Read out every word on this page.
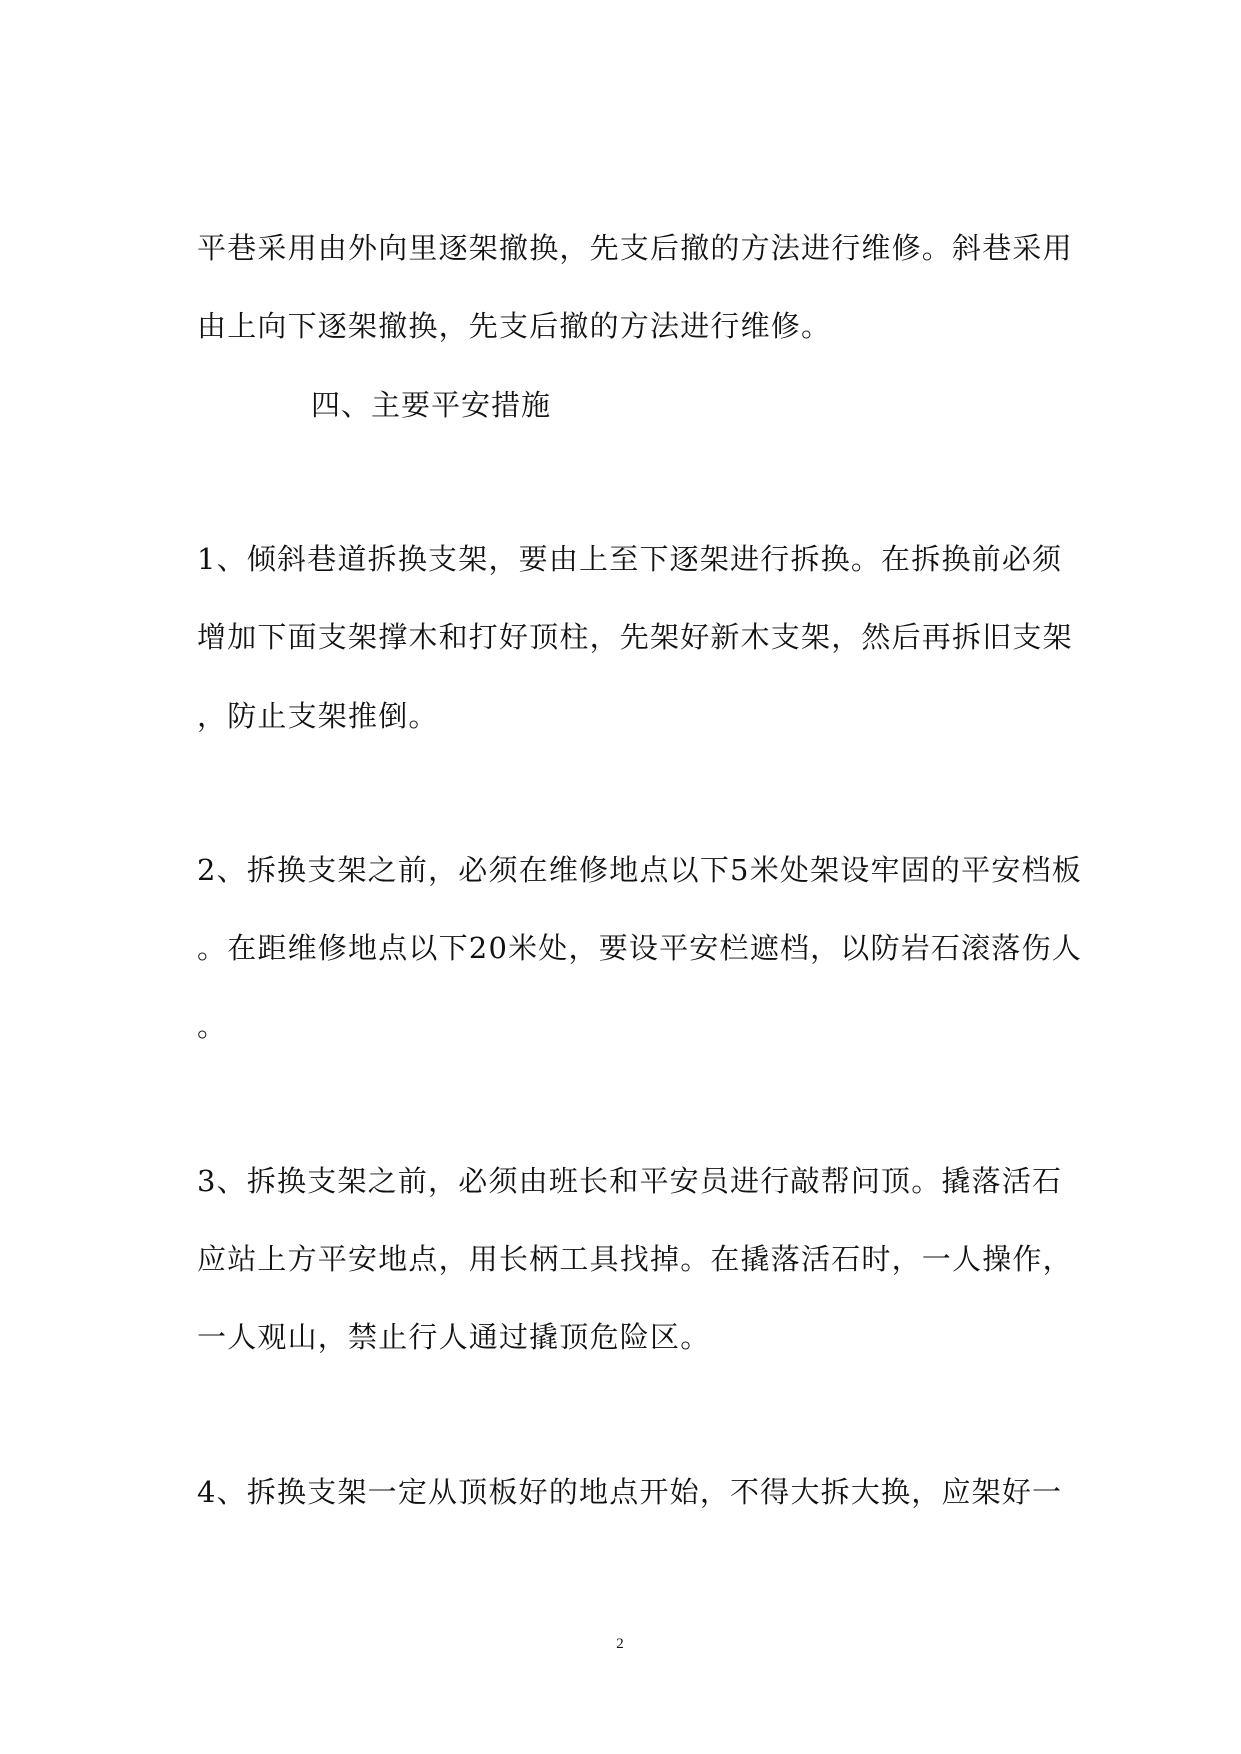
平巷采用由外向里逐架撤换，先支后撤的方法进行维修。斜巷采用
由上向下逐架撤换，先支后撤的方法进行维修。
四、主要平安措施
1、倾斜巷道拆换支架，要由上至下逐架进行拆换。在拆换前必须
增加下面支架撑木和打好顶柱，先架好新木支架，然后再拆旧支架
，防止支架推倒。
2、拆换支架之前，必须在维修地点以下5米处架设牢固的平安档板
。在距维修地点以下20米处，要设平安栏遮档，以防岩石滚落伤人
。
3、拆换支架之前，必须由班长和平安员进行敲帮问顶。撬落活石
应站上方平安地点，用长柄工具找掉。在撬落活石时，一人操作，
一人观山，禁止行人通过撬顶危险区。
4、拆换支架一定从顶板好的地点开始，不得大拆大换，应架好一
2
